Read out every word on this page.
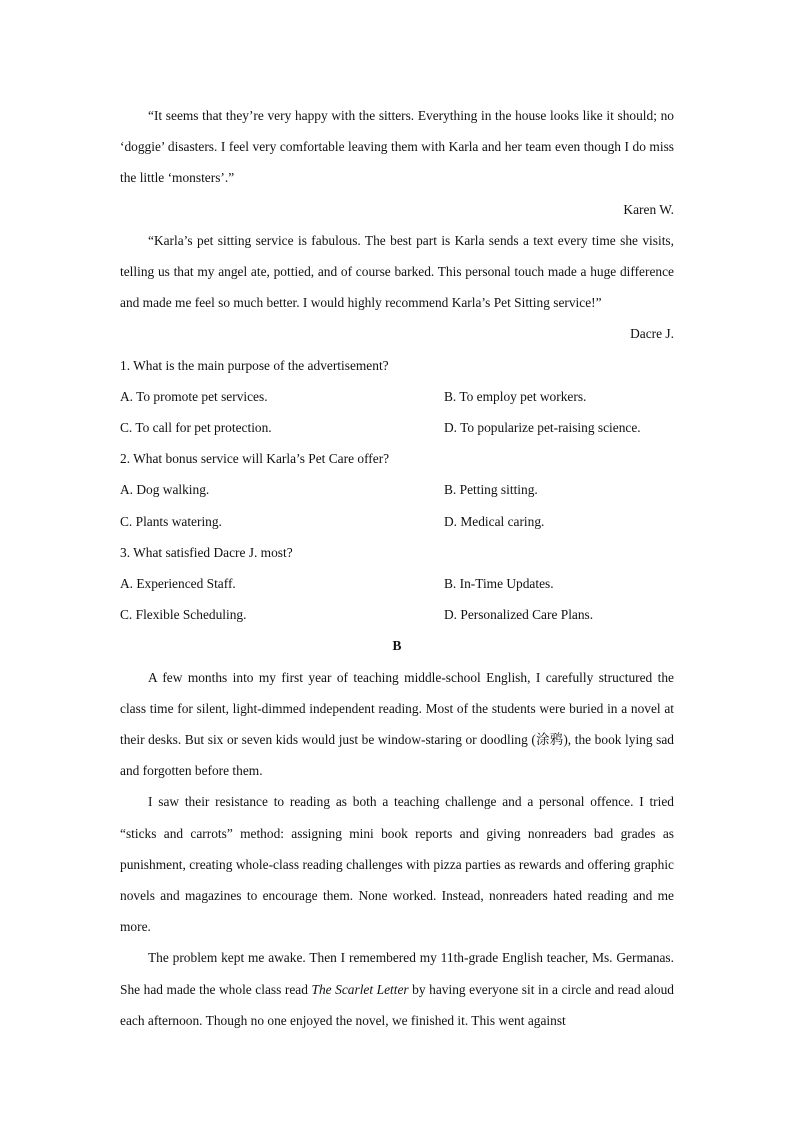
“It seems that they’re very happy with the sitters. Everything in the house looks like it should; no ‘doggie’ disasters. I feel very comfortable leaving them with Karla and her team even though I do miss the little ‘monsters’.”

Karen W.

“Karla’s pet sitting service is fabulous. The best part is Karla sends a text every time she visits, telling us that my angel ate, pottied, and of course barked. This personal touch made a huge difference and made me feel so much better. I would highly recommend Karla’s Pet Sitting service!”

Dacre J.

1. What is the main purpose of the advertisement?

A. To promote pet services.	B. To employ pet workers.
C. To call for pet protection.	D. To popularize pet-raising science.

2. What bonus service will Karla’s Pet Care offer?

A. Dog walking.	B. Petting sitting.
C. Plants watering.	D. Medical caring.

3. What satisfied Dacre J. most?

A. Experienced Staff.	B. In-Time Updates.
C. Flexible Scheduling.	D. Personalized Care Plans.

B

A few months into my first year of teaching middle-school English, I carefully structured the class time for silent, light-dimmed independent reading. Most of the students were buried in a novel at their desks. But six or seven kids would just be window-staring or doodling (涂鸦), the book lying sad and forgotten before them.

I saw their resistance to reading as both a teaching challenge and a personal offence. I tried “sticks and carrots” method: assigning mini book reports and giving nonreaders bad grades as punishment, creating whole-class reading challenges with pizza parties as rewards and offering graphic novels and magazines to encourage them. None worked. Instead, nonreaders hated reading and me more.

The problem kept me awake. Then I remembered my 11th-grade English teacher, Ms. Germanas. She had made the whole class read The Scarlet Letter by having everyone sit in a circle and read aloud each afternoon. Though no one enjoyed the novel, we finished it. This went against
